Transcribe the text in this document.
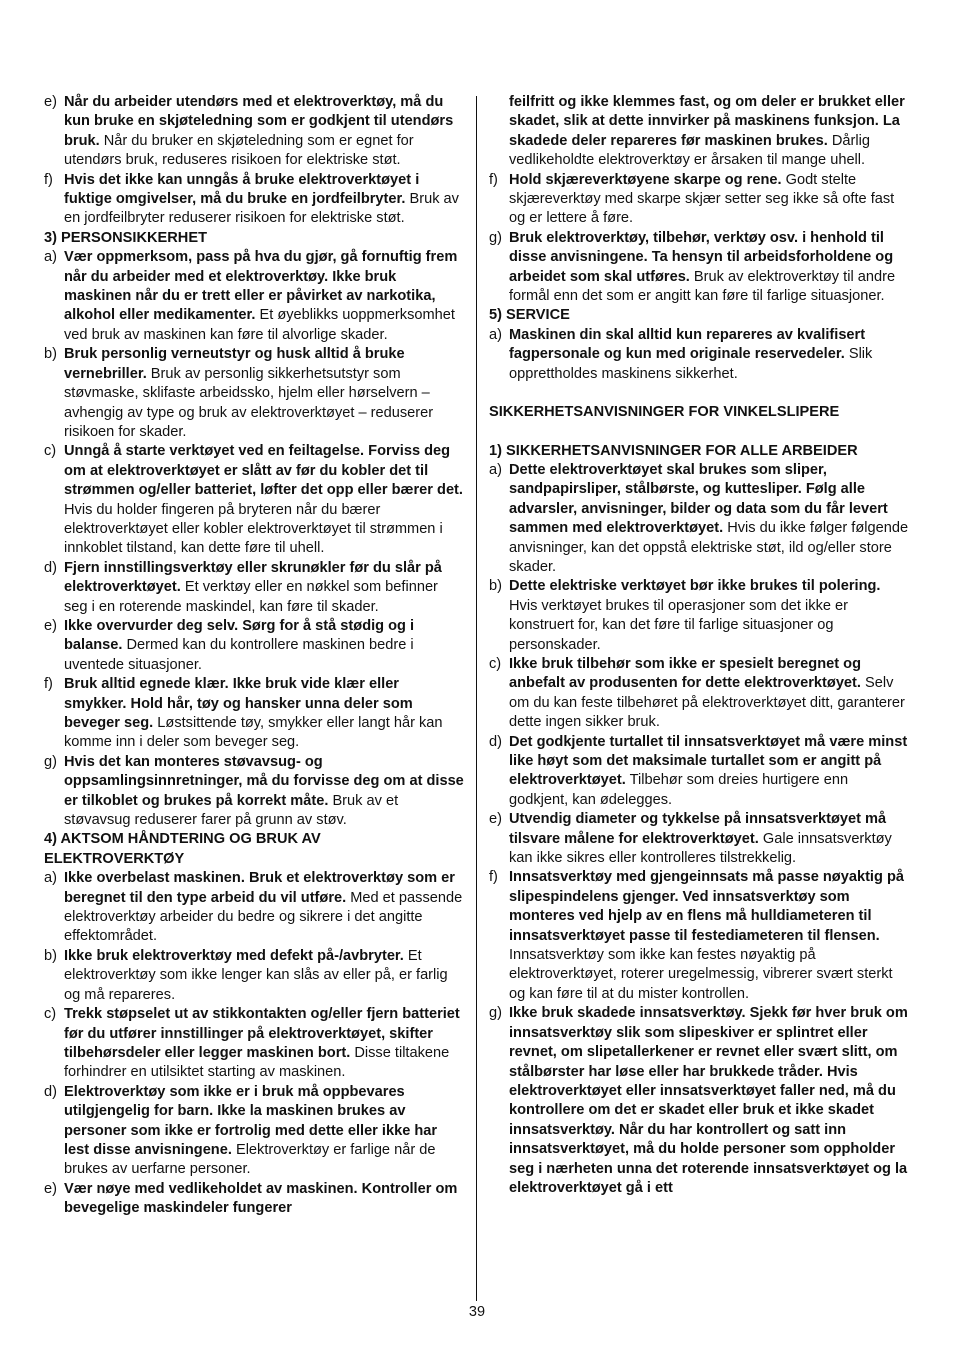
e) Når du arbeider utendørs med et elektroverktøy, må du kun bruke en skjøteledning som er godkjent til utendørs bruk. Når du bruker en skjøteledning som er egnet for utendørs bruk, reduseres risikoen for elektriske støt.
f) Hvis det ikke kan unngås å bruke elektroverktøyet i fuktige omgivelser, må du bruke en jordfeilbryter. Bruk av en jordfeilbryter reduserer risikoen for elektriske støt.
3) PERSONSIKKERHET
a) Vær oppmerksom, pass på hva du gjør, gå fornuftig frem når du arbeider med et elektroverktøy. Ikke bruk maskinen når du er trett eller er påvirket av narkotika, alkohol eller medikamenter. Et øyeblikks uoppmerksomhet ved bruk av maskinen kan føre til alvorlige skader.
b) Bruk personlig verneutstyr og husk alltid å bruke vernebriller. Bruk av personlig sikkerhetsutstyr som støvmaske, sklifaste arbeidssko, hjelm eller hørselvern – avhengig av type og bruk av elektroverktøyet – reduserer risikoen for skader.
c) Unngå å starte verktøyet ved en feiltagelse. Forviss deg om at elektroverktøyet er slått av før du kobler det til strømmen og/eller batteriet, løfter det opp eller bærer det. Hvis du holder fingeren på bryteren når du bærer elektroverktøyet eller kobler elektroverktøyet til strømmen i innkoblet tilstand, kan dette føre til uhell.
d) Fjern innstillingsverktøy eller skrunøkler før du slår på elektroverktøyet. Et verktøy eller en nøkkel som befinner seg i en roterende maskindel, kan føre til skader.
e) Ikke overvurder deg selv. Sørg for å stå stødig og i balanse. Dermed kan du kontrollere maskinen bedre i uventede situasjoner.
f) Bruk alltid egnede klær. Ikke bruk vide klær eller smykker. Hold hår, tøy og hansker unna deler som beveger seg. Løstsittende tøy, smykker eller langt hår kan komme inn i deler som beveger seg.
g) Hvis det kan monteres støvavsug- og oppsamlingsinnretninger, må du forvisse deg om at disse er tilkoblet og brukes på korrekt måte. Bruk av et støvavsug reduserer farer på grunn av støv.
4) AKTSOM HÅNDTERING OG BRUK AV ELEKTROVERKTØY
a) Ikke overbelast maskinen. Bruk et elektroverktøy som er beregnet til den type arbeid du vil utføre. Med et passende elektroverktøy arbeider du bedre og sikrere i det angitte effektområdet.
b) Ikke bruk elektroverktøy med defekt på-/avbryter. Et elektroverktøy som ikke lenger kan slås av eller på, er farlig og må repareres.
c) Trekk støpselet ut av stikkontakten og/eller fjern batteriet før du utfører innstillinger på elektroverktøyet, skifter tilbehørsdeler eller legger maskinen bort. Disse tiltakene forhindrer en utilsiktet starting av maskinen.
d) Elektroverktøy som ikke er i bruk må oppbevares utilgjengelig for barn. Ikke la maskinen brukes av personer som ikke er fortrolig med dette eller ikke har lest disse anvisningene. Elektroverktøy er farlige når de brukes av uerfarne personer.
e) Vær nøye med vedlikeholdet av maskinen. Kontroller om bevegelige maskindeler fungerer
feilfritt og ikke klemmes fast, og om deler er brukket eller skadet, slik at dette innvirker på maskinens funksjon. La skadede deler repareres før maskinen brukes. Dårlig vedlikeholdte elektroverktøy er årsaken til mange uhell.
f) Hold skjæreverktøyene skarpe og rene. Godt stelte skjæreverktøy med skarpe skjær setter seg ikke så ofte fast og er lettere å føre.
g) Bruk elektroverktøy, tilbehør, verktøy osv. i henhold til disse anvisningene. Ta hensyn til arbeidsforholdene og arbeidet som skal utføres. Bruk av elektroverktøy til andre formål enn det som er angitt kan føre til farlige situasjoner.
5) SERVICE
a) Maskinen din skal alltid kun repareres av kvalifisert fagpersonale og kun med originale reservedeler. Slik opprettholdes maskinens sikkerhet.
SIKKERHETSANVISNINGER FOR VINKELSLIPERE
1) SIKKERHETSANVISNINGER FOR ALLE ARBEIDER
a) Dette elektroverktøyet skal brukes som sliper, sandpapirsliper, stålbørste, og kuttesliper. Følg alle advarsler, anvisninger, bilder og data som du får levert sammen med elektroverktøyet. Hvis du ikke følger følgende anvisninger, kan det oppstå elektriske støt, ild og/eller store skader.
b) Dette elektriske verktøyet bør ikke brukes til polering. Hvis verktøyet brukes til operasjoner som det ikke er konstruert for, kan det føre til farlige situasjoner og personskader.
c) Ikke bruk tilbehør som ikke er spesielt beregnet og anbefalt av produsenten for dette elektroverktøyet. Selv om du kan feste tilbehøret på elektroverktøyet ditt, garanterer dette ingen sikker bruk.
d) Det godkjente turtallet til innsatsverktøyet må være minst like høyt som det maksimale turtallet som er angitt på elektroverktøyet. Tilbehør som dreies hurtigere enn godkjent, kan ødelegges.
e) Utvendig diameter og tykkelse på innsatsverktøyet må tilsvare målene for elektroverktøyet. Gale innsatsverktøy kan ikke sikres eller kontrolleres tilstrekkelig.
f) Innsatsverktøy med gjengeinnsats må passe nøyaktig på slipespindelens gjenger. Ved innsatsverktøy som monteres ved hjelp av en flens må hulldiameteren til innsatsverktøyet passe til festediameteren til flensen. Innsatsverktøy som ikke kan festes nøyaktig på elektroverktøyet, roterer uregelmessig, vibrerer svært sterkt og kan føre til at du mister kontrollen.
g) Ikke bruk skadede innsatsverktøy. Sjekk før hver bruk om innsatsverktøy slik som slipeskiver er splintret eller revnet, om slipetallerkener er revnet eller svært slitt, om stålbørster har løse eller har brukkede tråder. Hvis elektroverktøyet eller innsatsverktøyet faller ned, må du kontrollere om det er skadet eller bruk et ikke skadet innsatsverktøy. Når du har kontrollert og satt inn innsatsverktøyet, må du holde personer som oppholder seg i nærheten unna det roterende innsatsverktøyet og la elektroverktøyet gå i ett
39
